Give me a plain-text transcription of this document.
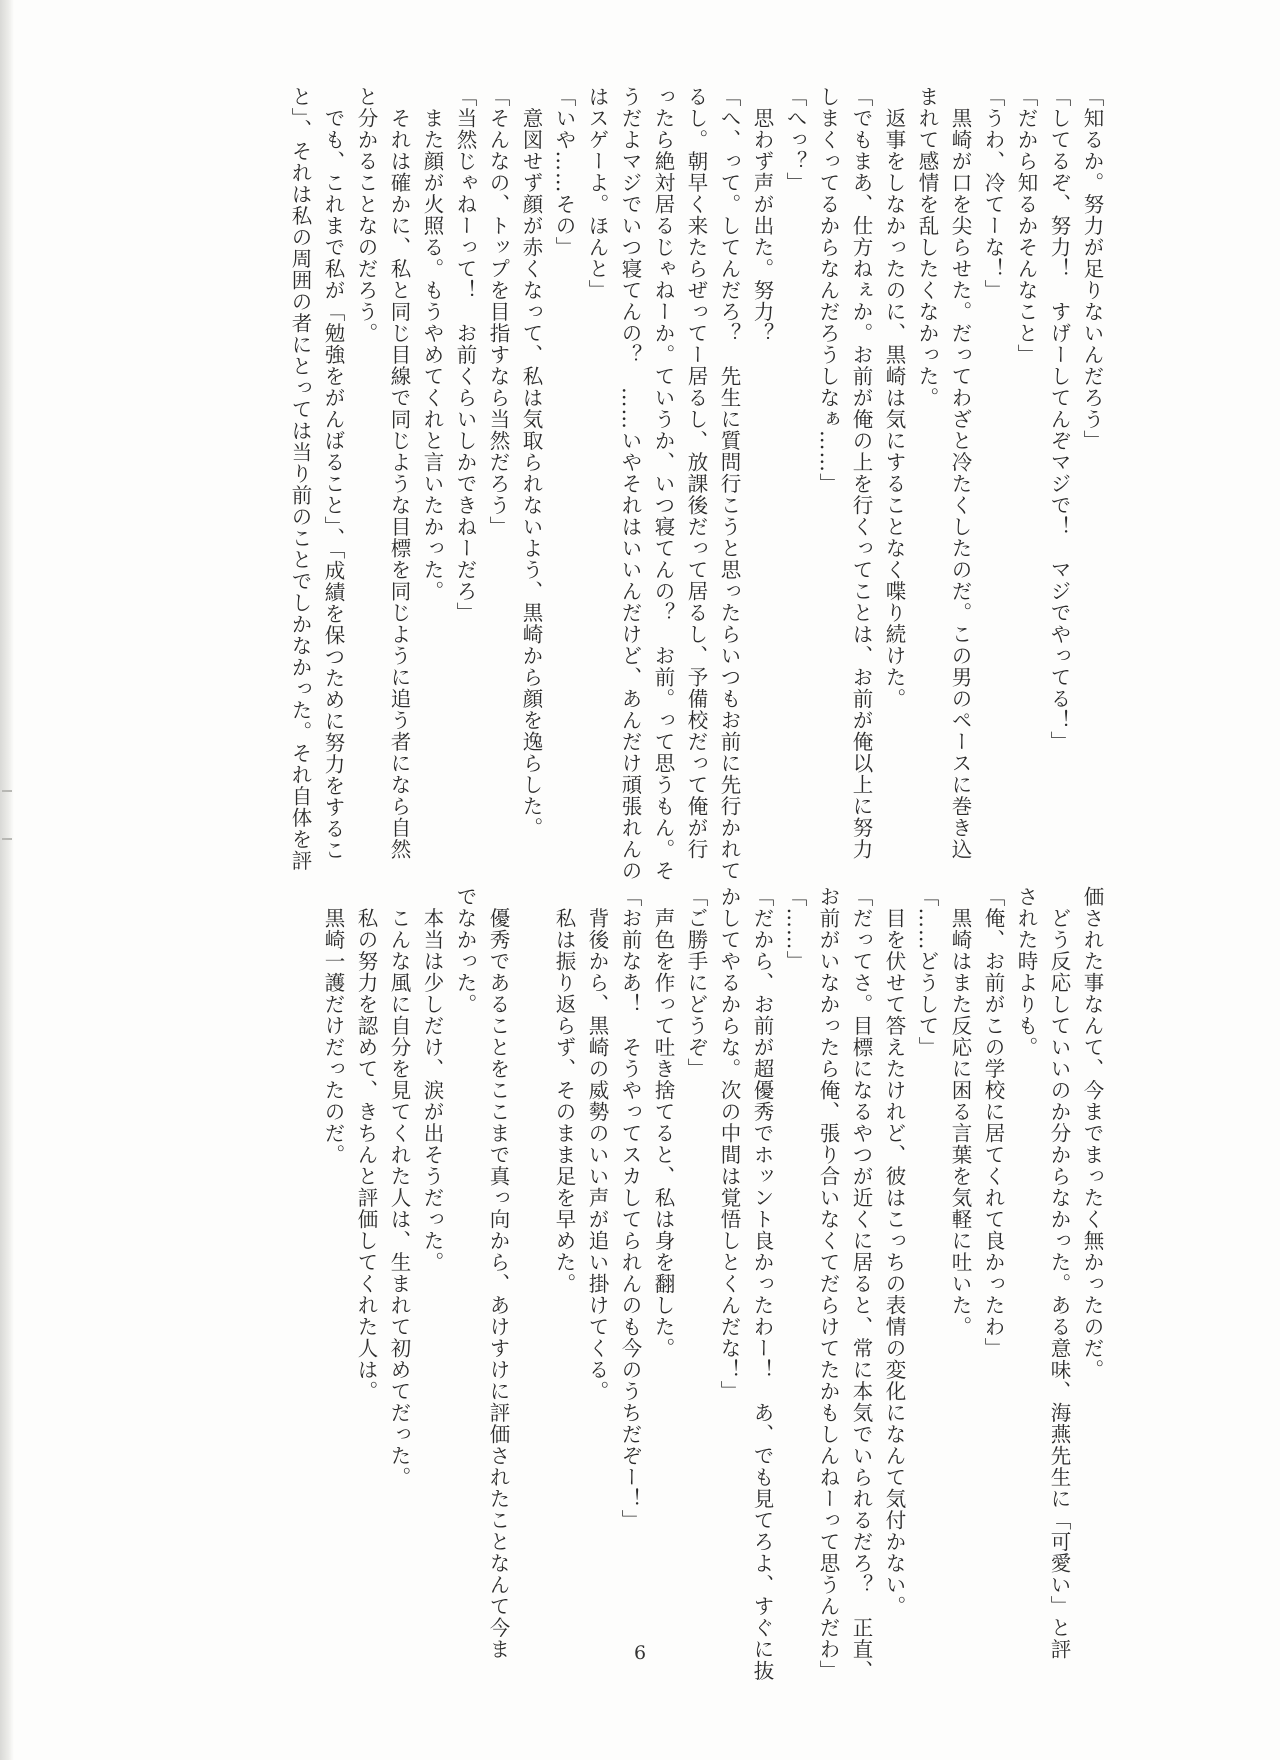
「知るか。努力が足りないんだろう」

「してるぞ、努力！　すげーしてんぞマジで！　マジでやってる！」

「だから知るかそんなこと」

「うわ、冷てーな！」

　黒崎が口を尖らせた。だってわざと冷たくしたのだ。この男のペースに巻き込

まれて感情を乱したくなかった。

　返事をしなかったのに、黒崎は気にすることなく喋り続けた。

「でもまあ、仕方ねぇか。お前が俺の上を行くってことは、お前が俺以上に努力

しまくってるからなんだろうしなぁ……」

「へっ？」

　思わず声が出た。努力？

「へ、って。してんだろ？　先生に質問行こうと思ったらいつもお前に先行かれて

るし。朝早く来たらぜってー居るし、放課後だって居るし、予備校だって俺が行

ったら絶対居るじゃねーか。ていうか、いつ寝てんの？　お前。って思うもん。そ

うだよマジでいつ寝てんの？　……いやそれはいいんだけど、あんだけ頑張れんの

はスゲーよ。ほんと」

「いや……その」

　意図せず顔が赤くなって、私は気取られないよう、黒崎から顔を逸らした。

「そんなの、トップを目指すなら当然だろう」

「当然じゃねーって！　お前くらいしかできねーだろ」

　また顔が火照る。もうやめてくれと言いたかった。

　それは確かに、私と同じ目線で同じような目標を同じように追う者になら自然

と分かることなのだろう。

　でも、これまで私が「勉強をがんばること」、「成績を保つために努力をするこ

と」、それは私の周囲の者にとっては当り前のことでしかなかった。それ自体を評

価された事なんて、今までまったく無かったのだ。

　どう反応していいのか分からなかった。ある意味、海燕先生に「可愛い」と評

された時よりも。

「俺、お前がこの学校に居てくれて良かったわ」

　黒崎はまた反応に困る言葉を気軽に吐いた。

「……どうして」

　目を伏せて答えたけれど、彼はこっちの表情の変化になんて気付かない。

「だってさ。目標になるやつが近くに居ると、常に本気でいられるだろ？　正直、

お前がいなかったら俺、張り合いなくてだらけてたかもしんねーって思うんだわ」

「……」

「だから、お前が超優秀でホッント良かったわー！　あ、でも見てろよ、すぐに抜

かしてやるからな。次の中間は覚悟しとくんだな！」

「ご勝手にどうぞ」

　声色を作って吐き捨てると、私は身を翻した。

「お前なあ！　そうやってスカしてられんのも今のうちだぞー！」

　背後から、黒崎の威勢のいい声が追い掛けてくる。

　私は振り返らず、そのまま足を早めた。

　優秀であることをここまで真っ向から、あけすけに評価されたことなんて今ま

でなかった。

　本当は少しだけ、涙が出そうだった。

　こんな風に自分を見てくれた人は、生まれて初めてだった。

　私の努力を認めて、きちんと評価してくれた人は。

　黒崎一護だけだったのだ。

6
